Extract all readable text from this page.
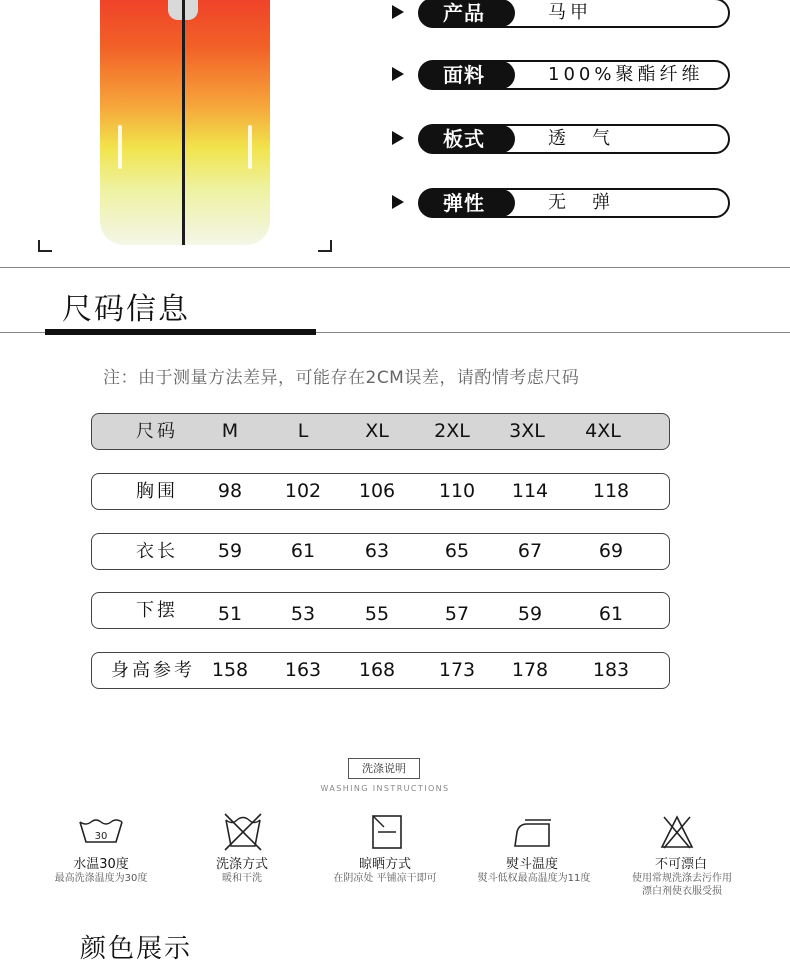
产品	马甲
面料	100%聚酯纤维
板式	透　气
弹性	无　弹
尺码信息
注：由于测量方法差异，可能存在2CM误差，请酌情考虑尺码
尺码	M	L	XL	2XL	3XL	4XL
胸围	98	102	106	110	114	118
衣长	59	61	63	65	67	69
下摆	51	53	55	57	59	61
身高参考 158	163	168	173	178	183
洗涤说明
WASHING INSTRUCTIONS
30
水温30度
最高洗涤温度为30度
洗涤方式
暖和干洗
晾晒方式
在阴凉处 平铺凉干即可
熨斗温度
熨斗低权最高温度为11度
不可漂白
使用常规洗涤去污作用
漂白剂使衣服受损
颜色展示
